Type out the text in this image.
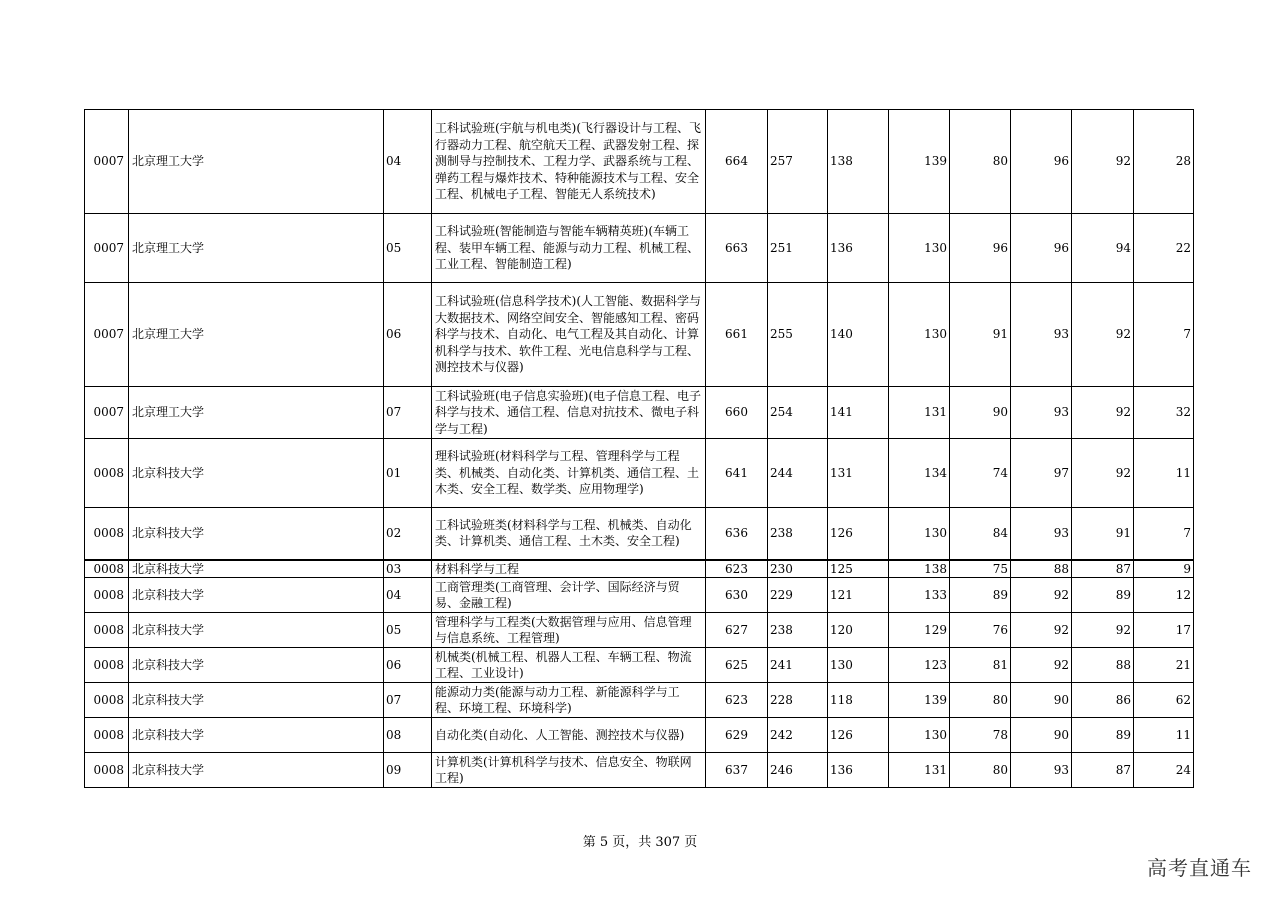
0007	北京理工大学	04	工科试验班(宇航与机电类)(飞行器设计与工程、飞行器动力工程、航空航天工程、武器发射工程、探测制导与控制技术、工程力学、武器系统与工程、弹药工程与爆炸技术、特种能源技术与工程、安全工程、机械电子工程、智能无人系统技术)	664	257	138	139	80	96	92	28
0007	北京理工大学	05	工科试验班(智能制造与智能车辆精英班)(车辆工程、装甲车辆工程、能源与动力工程、机械工程、工业工程、智能制造工程)	663	251	136	130	96	96	94	22
0007	北京理工大学	06	工科试验班(信息科学技术)(人工智能、数据科学与大数据技术、网络空间安全、智能感知工程、密码科学与技术、自动化、电气工程及其自动化、计算机科学与技术、软件工程、光电信息科学与工程、测控技术与仪器)	661	255	140	130	91	93	92	7
0007	北京理工大学	07	工科试验班(电子信息实验班)(电子信息工程、电子科学与技术、通信工程、信息对抗技术、微电子科学与工程)	660	254	141	131	90	93	92	32
0008	北京科技大学	01	理科试验班(材料科学与工程、管理科学与工程类、机械类、自动化类、计算机类、通信工程、土木类、安全工程、数学类、应用物理学)	641	244	131	134	74	97	92	11
0008	北京科技大学	02	工科试验班类(材料科学与工程、机械类、自动化类、计算机类、通信工程、土木类、安全工程)	636	238	126	130	84	93	91	7
0008	北京科技大学	03	材料科学与工程	623	230	125	138	75	88	87	9
0008	北京科技大学	04	工商管理类(工商管理、会计学、国际经济与贸易、金融工程)	630	229	121	133	89	92	89	12
0008	北京科技大学	05	管理科学与工程类(大数据管理与应用、信息管理与信息系统、工程管理)	627	238	120	129	76	92	92	17
0008	北京科技大学	06	机械类(机械工程、机器人工程、车辆工程、物流工程、工业设计)	625	241	130	123	81	92	88	21
0008	北京科技大学	07	能源动力类(能源与动力工程、新能源科学与工程、环境工程、环境科学)	623	228	118	139	80	90	86	62
0008	北京科技大学	08	自动化类(自动化、人工智能、测控技术与仪器)	629	242	126	130	78	90	89	11
0008	北京科技大学	09	计算机类(计算机科学与技术、信息安全、物联网工程)	637	246	136	131	80	93	87	24
第 5 页，共 307 页
高考直通车
